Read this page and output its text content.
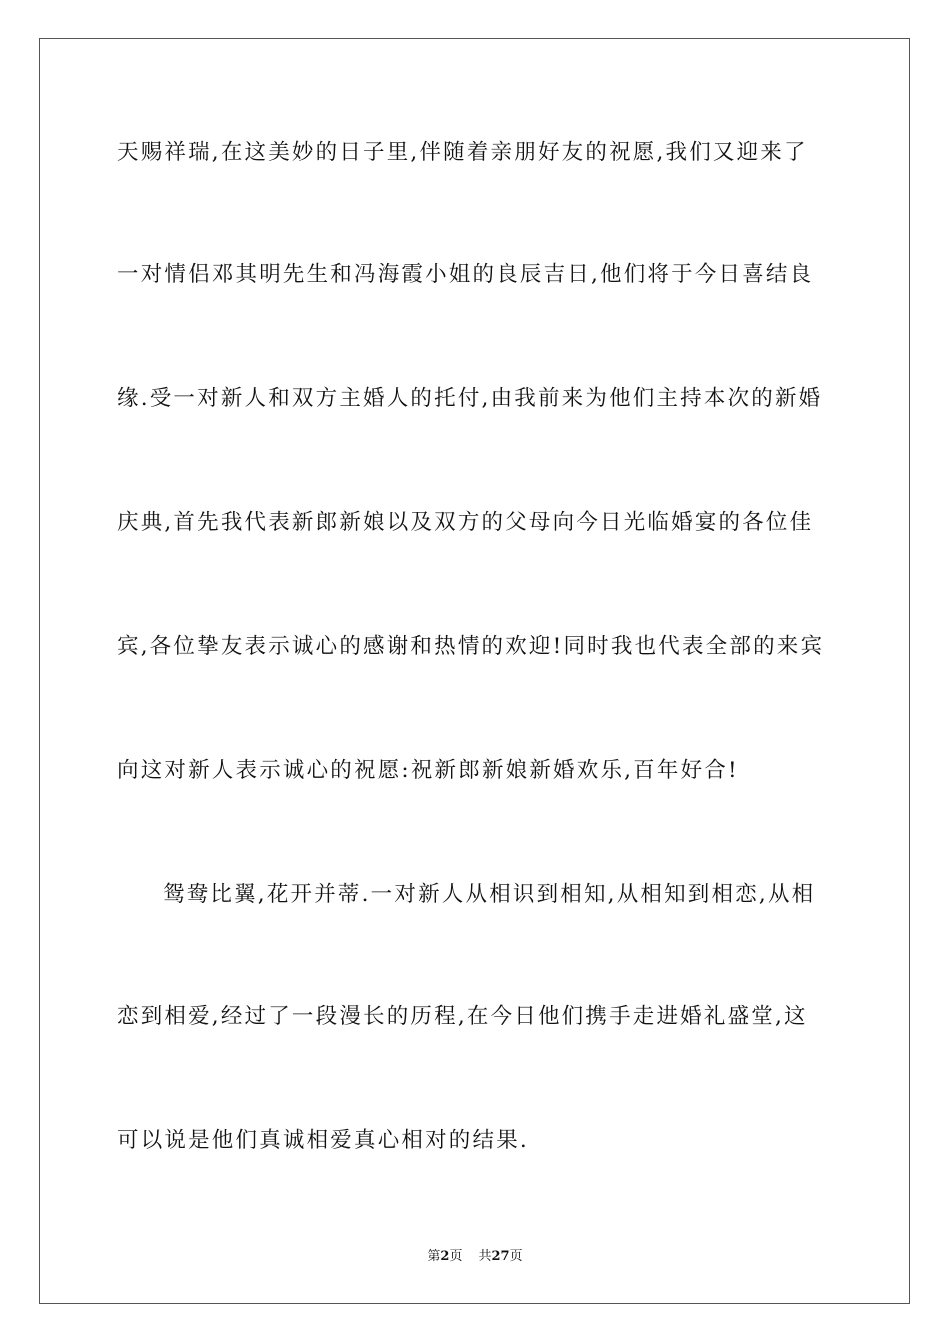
天赐祥瑞,在这美妙的日子里,伴随着亲朋好友的祝愿,我们又迎来了
一对情侣邓其明先生和冯海霞小姐的良辰吉日,他们将于今日喜结良
缘.受一对新人和双方主婚人的托付,由我前来为他们主持本次的新婚
庆典,首先我代表新郎新娘以及双方的父母向今日光临婚宴的各位佳
宾,各位挚友表示诚心的感谢和热情的欢迎!同时我也代表全部的来宾
向这对新人表示诚心的祝愿:祝新郎新娘新婚欢乐,百年好合!
鸳鸯比翼,花开并蒂.一对新人从相识到相知,从相知到相恋,从相
恋到相爱,经过了一段漫长的历程,在今日他们携手走进婚礼盛堂,这
可以说是他们真诚相爱真心相对的结果.
第2页 共27页
